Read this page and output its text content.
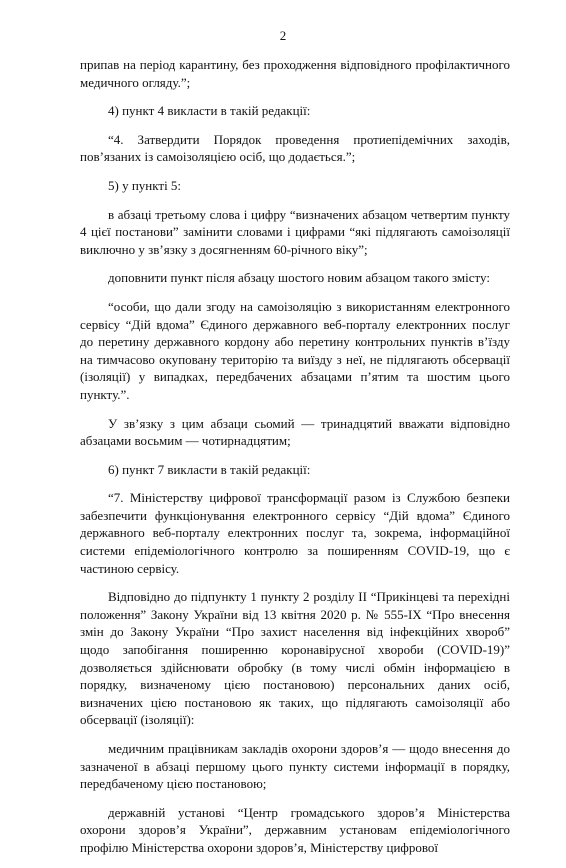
2

припав на період карантину, без проходження відповідного профілактичного медичного огляду.”;

4) пункт 4 викласти в такій редакції:

“4. Затвердити Порядок проведення протиепідемічних заходів, пов’язаних із самоізоляцією осіб, що додається.”;

5) у пункті 5:

в абзаці третьому слова і цифру “визначених абзацом четвертим пункту 4 цієї постанови” замінити словами і цифрами “які підлягають самоізоляції виключно у зв’язку з досягненням 60-річного віку”;

доповнити пункт після абзацу шостого новим абзацом такого змісту:

“особи, що дали згоду на самоізоляцію з використанням електронного сервісу “Дій вдома” Єдиного державного веб-порталу електронних послуг до перетину державного кордону або перетину контрольних пунктів в’їзду на тимчасово окуповану територію та виїзду з неї, не підлягають обсервації (ізоляції) у випадках, передбачених абзацами п’ятим та шостим цього пункту.”.

У зв’язку з цим абзаци сьомий — тринадцятий вважати відповідно абзацами восьмим — чотирнадцятим;

6) пункт 7 викласти в такій редакції:

“7. Міністерству цифрової трансформації разом із Службою безпеки забезпечити функціонування електронного сервісу “Дій вдома” Єдиного державного веб-порталу електронних послуг та, зокрема, інформаційної системи епідеміологічного контролю за поширенням COVID-19, що є частиною сервісу.

Відповідно до підпункту 1 пункту 2 розділу II “Прикінцеві та перехідні положення” Закону України від 13 квітня 2020 р. № 555-IX “Про внесення змін до Закону України “Про захист населення від інфекційних хвороб” щодо запобігання поширенню коронавірусної хвороби (COVID-19)” дозволяється здійснювати обробку (в тому числі обмін інформацією в порядку, визначеному цією постановою) персональних даних осіб, визначених цією постановою як таких, що підлягають самоізоляції або обсервації (ізоляції):

медичним працівникам закладів охорони здоров’я — щодо внесення до зазначеної в абзаці першому цього пункту системи інформації в порядку, передбаченому цією постановою;

державній установі “Центр громадського здоров’я Міністерства охорони здоров’я України”, державним установам епідеміологічного профілю Міністерства охорони здоров’я, Міністерству цифрової
